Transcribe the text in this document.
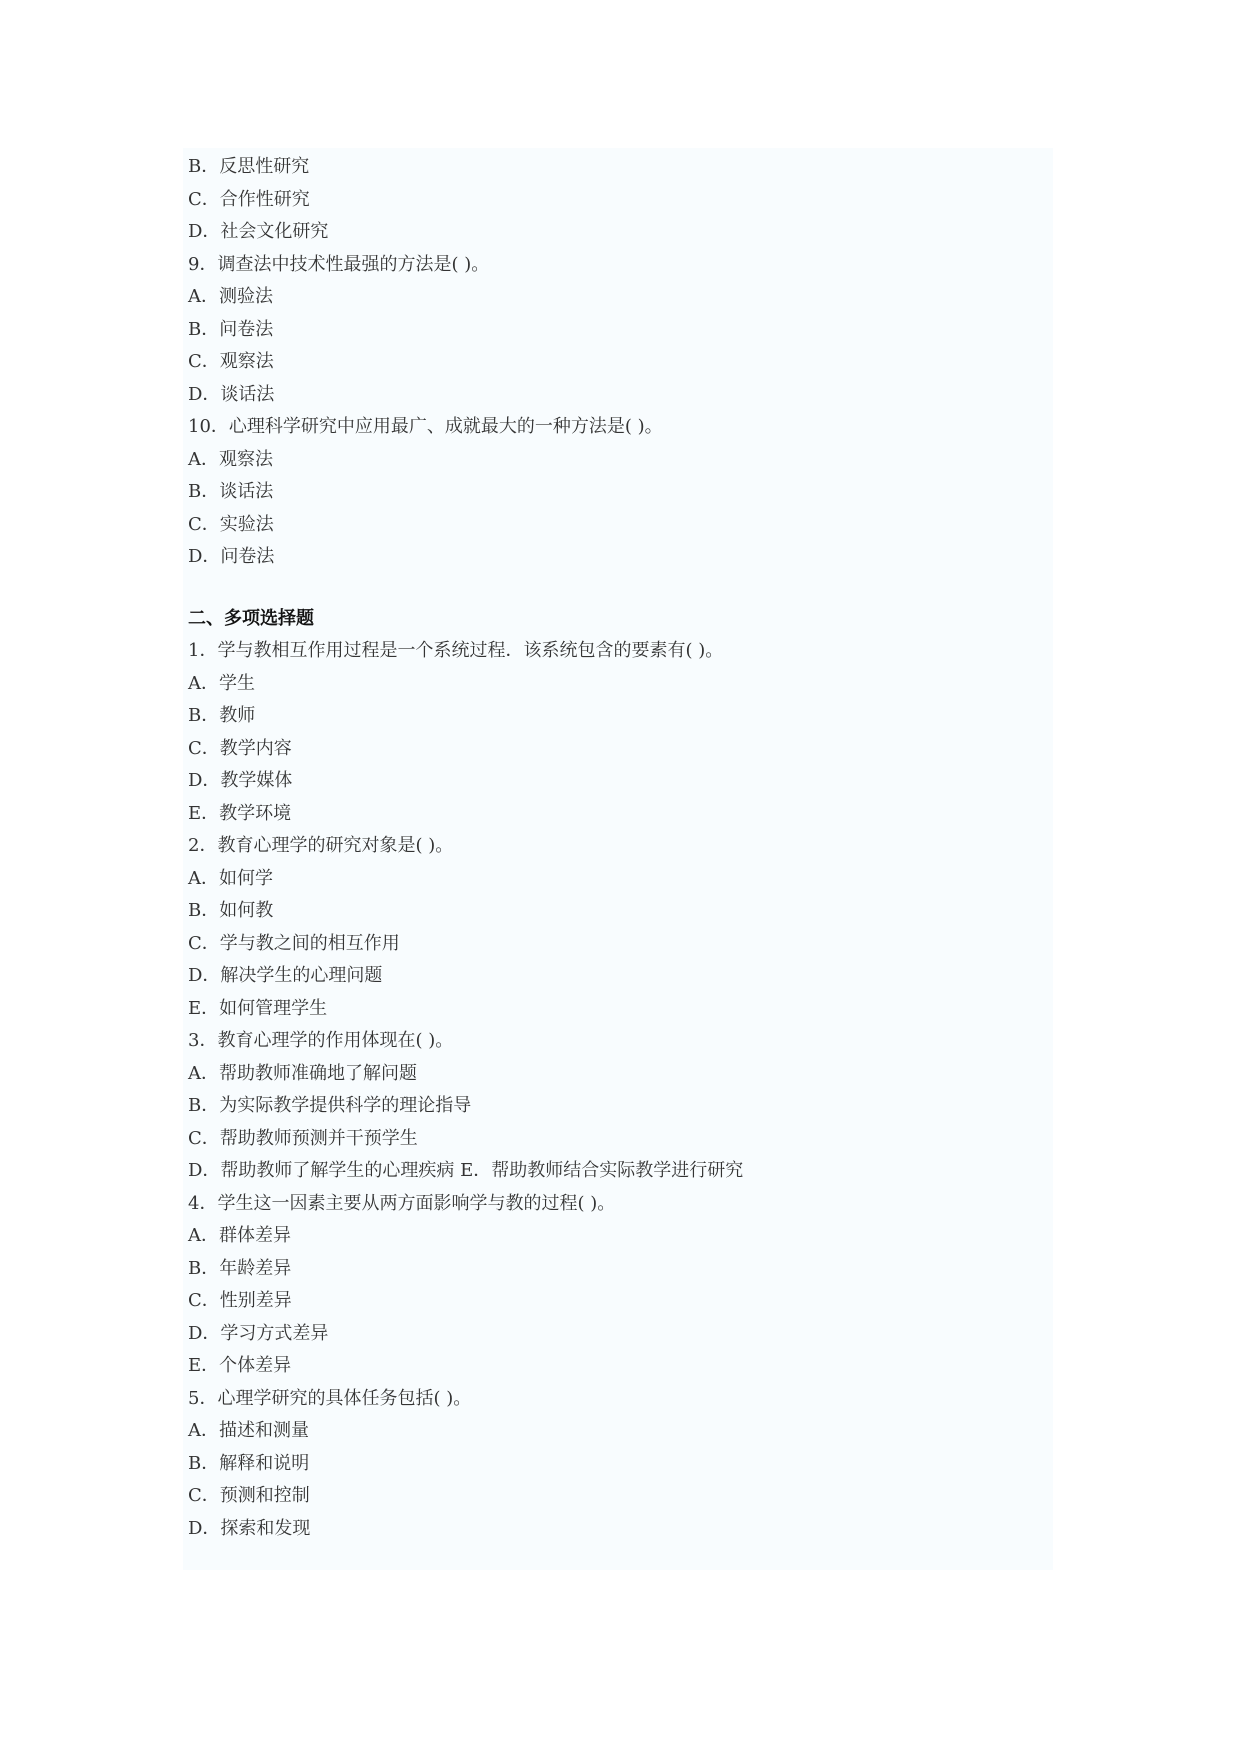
B．反思性研究
C．合作性研究
D．社会文化研究
9．调查法中技术性最强的方法是( )。
A．测验法
B．问卷法
C．观察法
D．谈话法
10．心理科学研究中应用最广、成就最大的一种方法是( )。
A．观察法
B．谈话法
C．实验法
D．问卷法
二、多项选择题
1．学与教相互作用过程是一个系统过程．该系统包含的要素有( )。
A．学生
B．教师
C．教学内容
D．教学媒体
E．教学环境
2．教育心理学的研究对象是( )。
A．如何学
B．如何教
C．学与教之间的相互作用
D．解决学生的心理问题
E．如何管理学生
3．教育心理学的作用体现在( )。
A．帮助教师准确地了解问题
B．为实际教学提供科学的理论指导
C．帮助教师预测并干预学生
D．帮助教师了解学生的心理疾病 E．帮助教师结合实际教学进行研究
4．学生这一因素主要从两方面影响学与教的过程( )。
A．群体差异
B．年龄差异
C．性别差异
D．学习方式差异
E．个体差异
5．心理学研究的具体任务包括( )。
A．描述和测量
B．解释和说明
C．预测和控制
D．探索和发现
